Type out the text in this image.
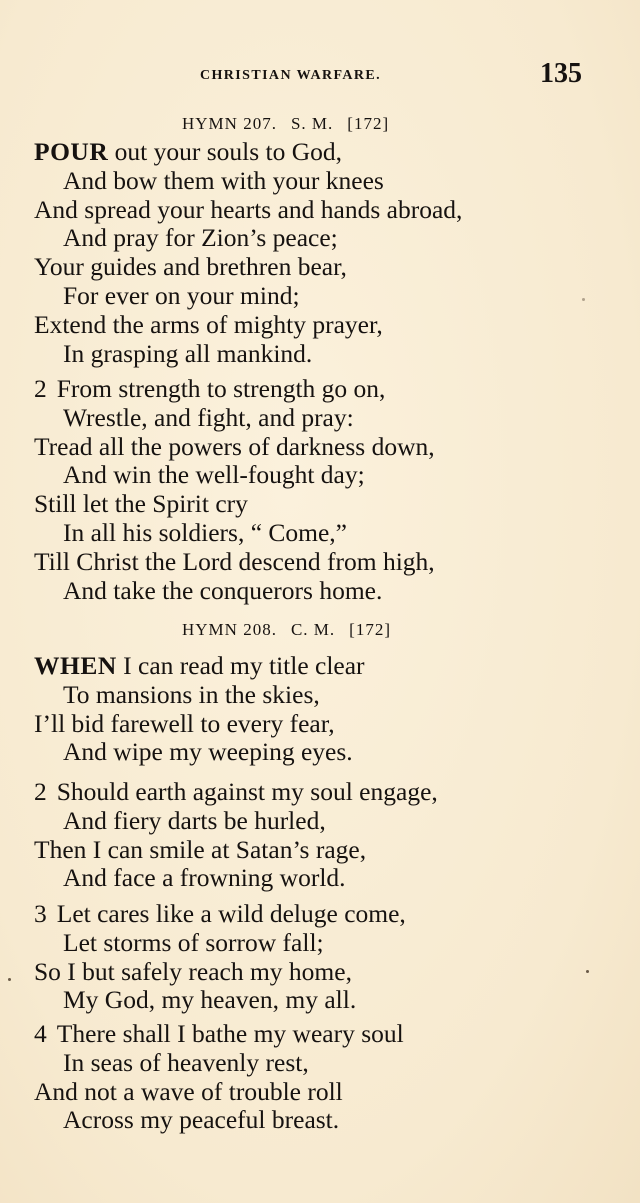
CHRISTIAN WARFARE.	135
HYMN 207. S. M. [172]
POUR out your souls to God,
And bow them with your knees
And spread your hearts and hands abroad,
And pray for Zion’s peace;
Your guides and brethren bear,
For ever on your mind;
Extend the arms of mighty prayer,
In grasping all mankind.
2 From strength to strength go on,
Wrestle, and fight, and pray:
Tread all the powers of darkness down,
And win the well-fought day;
Still let the Spirit cry
In all his soldiers, “ Come,”
Till Christ the Lord descend from high,
And take the conquerors home.
HYMN 208. C. M. [172]
WHEN I can read my title clear
To mansions in the skies,
I’ll bid farewell to every fear,
And wipe my weeping eyes.
2 Should earth against my soul engage,
And fiery darts be hurled,
Then I can smile at Satan’s rage,
And face a frowning world.
3 Let cares like a wild deluge come,
Let storms of sorrow fall;
So I but safely reach my home,
My God, my heaven, my all.
4 There shall I bathe my weary soul
In seas of heavenly rest,
And not a wave of trouble roll
Across my peaceful breast.
